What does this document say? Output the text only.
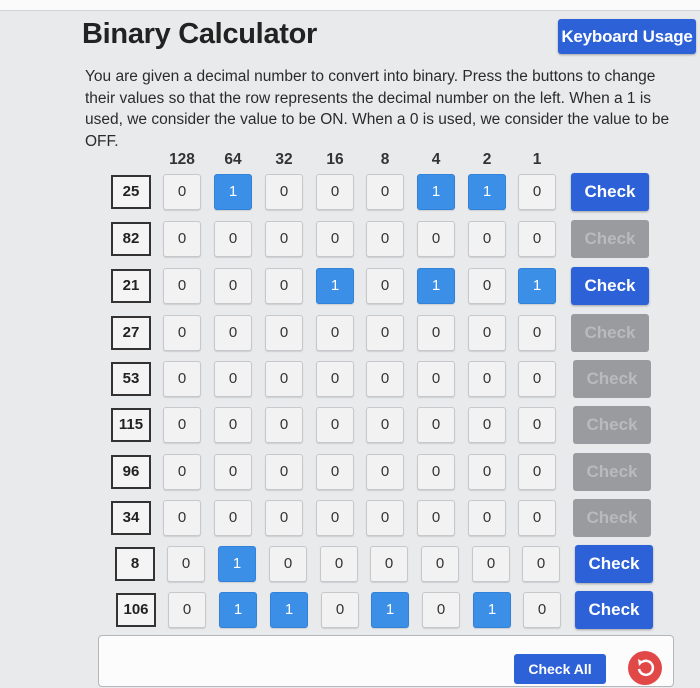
Binary Calculator	Keyboard Usage
You are given a decimal number to convert into binary. Press the buttons to change their values so that the row represents the decimal number on the left. When a 1 is used, we consider the value to be ON. When a 0 is used, we consider the value to be OFF.
128	64	32	16	8	4	2	1
25	0	1	0	0	0	1	1	0	Check
82	0	0	0	0	0	0	0	0	Check
21	0	0	0	1	0	1	0	1	Check
27	0	0	0	0	0	0	0	0	Check
53	0	0	0	0	0	0	0	0	Check
115	0	0	0	0	0	0	0	0	Check
96	0	0	0	0	0	0	0	0	Check
34	0	0	0	0	0	0	0	0	Check
8	0	1	0	0	0	0	0	0	Check
106	0	1	1	0	1	0	1	0	Check
Check All
